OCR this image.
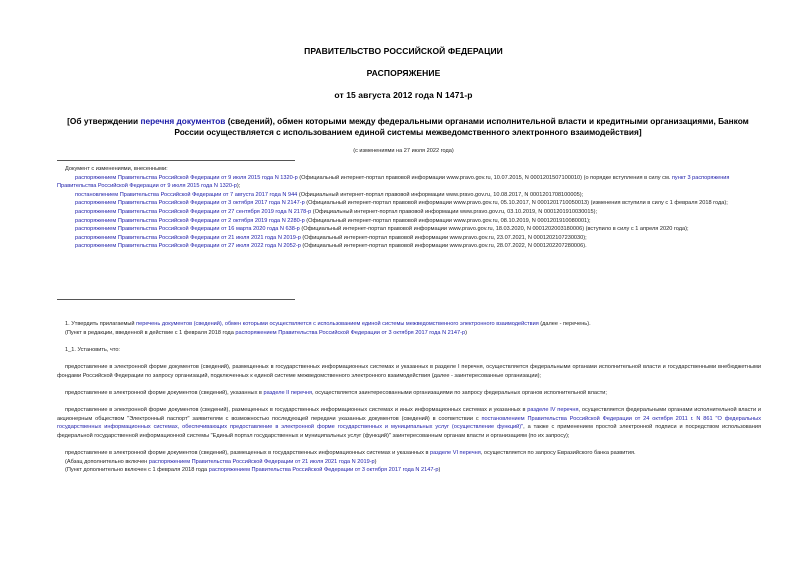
ПРАВИТЕЛЬСТВО РОССИЙСКОЙ ФЕДЕРАЦИИ
РАСПОРЯЖЕНИЕ
от 15 августа 2012 года N 1471-р
[Об утверждении перечня документов (сведений), обмен которыми между федеральными органами исполнительной власти и кредитными организациями, Банком России осуществляется с использованием единой системы межведомственного электронного взаимодействия]
(с изменениями на 27 июля 2022 года)
Документ с изменениями, внесенными:
распоряжением Правительства Российской Федерации от 9 июля 2015 года N 1320-р (Официальный интернет-портал правовой информации www.pravo.gov.ru, 10.07.2015, N 0001201507100010) (о порядке вступления в силу см. пункт 3 распоряжения Правительства Российской Федерации от 9 июля 2015 года N 1320-р);
постановлением Правительства Российской Федерации от 7 августа 2017 года N 944 (Официальный интернет-портал правовой информации www.pravo.gov.ru, 10.08.2017, N 0001201708100005);
распоряжением Правительства Российской Федерации от 3 октября 2017 года N 2147-р (Официальный интернет-портал правовой информации www.pravo.gov.ru, 05.10.2017, N 0001201710050013) (изменения вступили в силу с 1 февраля 2018 года);
распоряжением Правительства Российской Федерации от 27 сентября 2019 года N 2178-р (Официальный интернет-портал правовой информации www.pravo.gov.ru, 03.10.2019, N 0001201910030015);
распоряжением Правительства Российской Федерации от 2 октября 2019 года N 2280-р (Официальный интернет-портал правовой информации www.pravo.gov.ru, 08.10.2019, N 0001201910080001);
распоряжением Правительства Российской Федерации от 16 марта 2020 года N 638-р (Официальный интернет-портал правовой информации www.pravo.gov.ru, 18.03.2020, N 0001202003180006) (вступило в силу с 1 апреля 2020 года);
распоряжением Правительства Российской Федерации от 21 июля 2021 года N 2019-р (Официальный интернет-портал правовой информации www.pravo.gov.ru, 23.07.2021, N 0001202107230030);
распоряжением Правительства Российской Федерации от 27 июля 2022 года N 2052-р (Официальный интернет-портал правовой информации www.pravo.gov.ru, 28.07.2022, N 0001202207280006).

1. Утвердить прилагаемый перечень документов (сведений), обмен которыми осуществляется с использованием единой системы межведомственного электронного взаимодействия (далее - перечень).

(Пункт в редакции, введенной в действие с 1 февраля 2018 года распоряжением Правительства Российской Федерации от 3 октября 2017 года N 2147-р)

1_1. Установить, что:

предоставление в электронной форме документов (сведений), размещенных в государственных информационных системах и указанных в разделе I перечня, осуществляется федеральными органами исполнительной власти и государственными внебюджетными фондами Российской Федерации по запросу организаций, подключенных к единой системе межведомственного электронного взаимодействия (далее - заинтересованные организации);

предоставление в электронной форме документов (сведений), указанных в разделе II перечня, осуществляется заинтересованными организациями по запросу федеральных органов исполнительной власти;

предоставление в электронной форме документов (сведений), размещенных в государственных информационных системах и иных информационных системах и указанных в разделе IV перечня, осуществляется федеральными органами исполнительной власти и акционерным обществом "Электронный паспорт" заявителям с возможностью последующей передачи указанных документов (сведений) в соответствии с постановлением Правительства Российской Федерации от 24 октября 2011 г. N 861 "О федеральных государственных информационных системах, обеспечивающих предоставление в электронной форме государственных и муниципальных услуг (осуществление функций)", а также с применением простой электронной подписи и посредством использования федеральной государственной информационной системы "Единый портал государственных и муниципальных услуг (функций)" заинтересованным органам власти и организациям (по их запросу);

предоставление в электронной форме документов (сведений), размещенных в государственных информационных системах и указанных в разделе VI перечня, осуществляется по запросу Евразийского банка развития.

(Абзац дополнительно включен распоряжением Правительства Российской Федерации от 21 июля 2021 года N 2019-р)

(Пункт дополнительно включен с 1 февраля 2018 года распоряжением Правительства Российской Федерации от 3 октября 2017 года N 2147-р)
